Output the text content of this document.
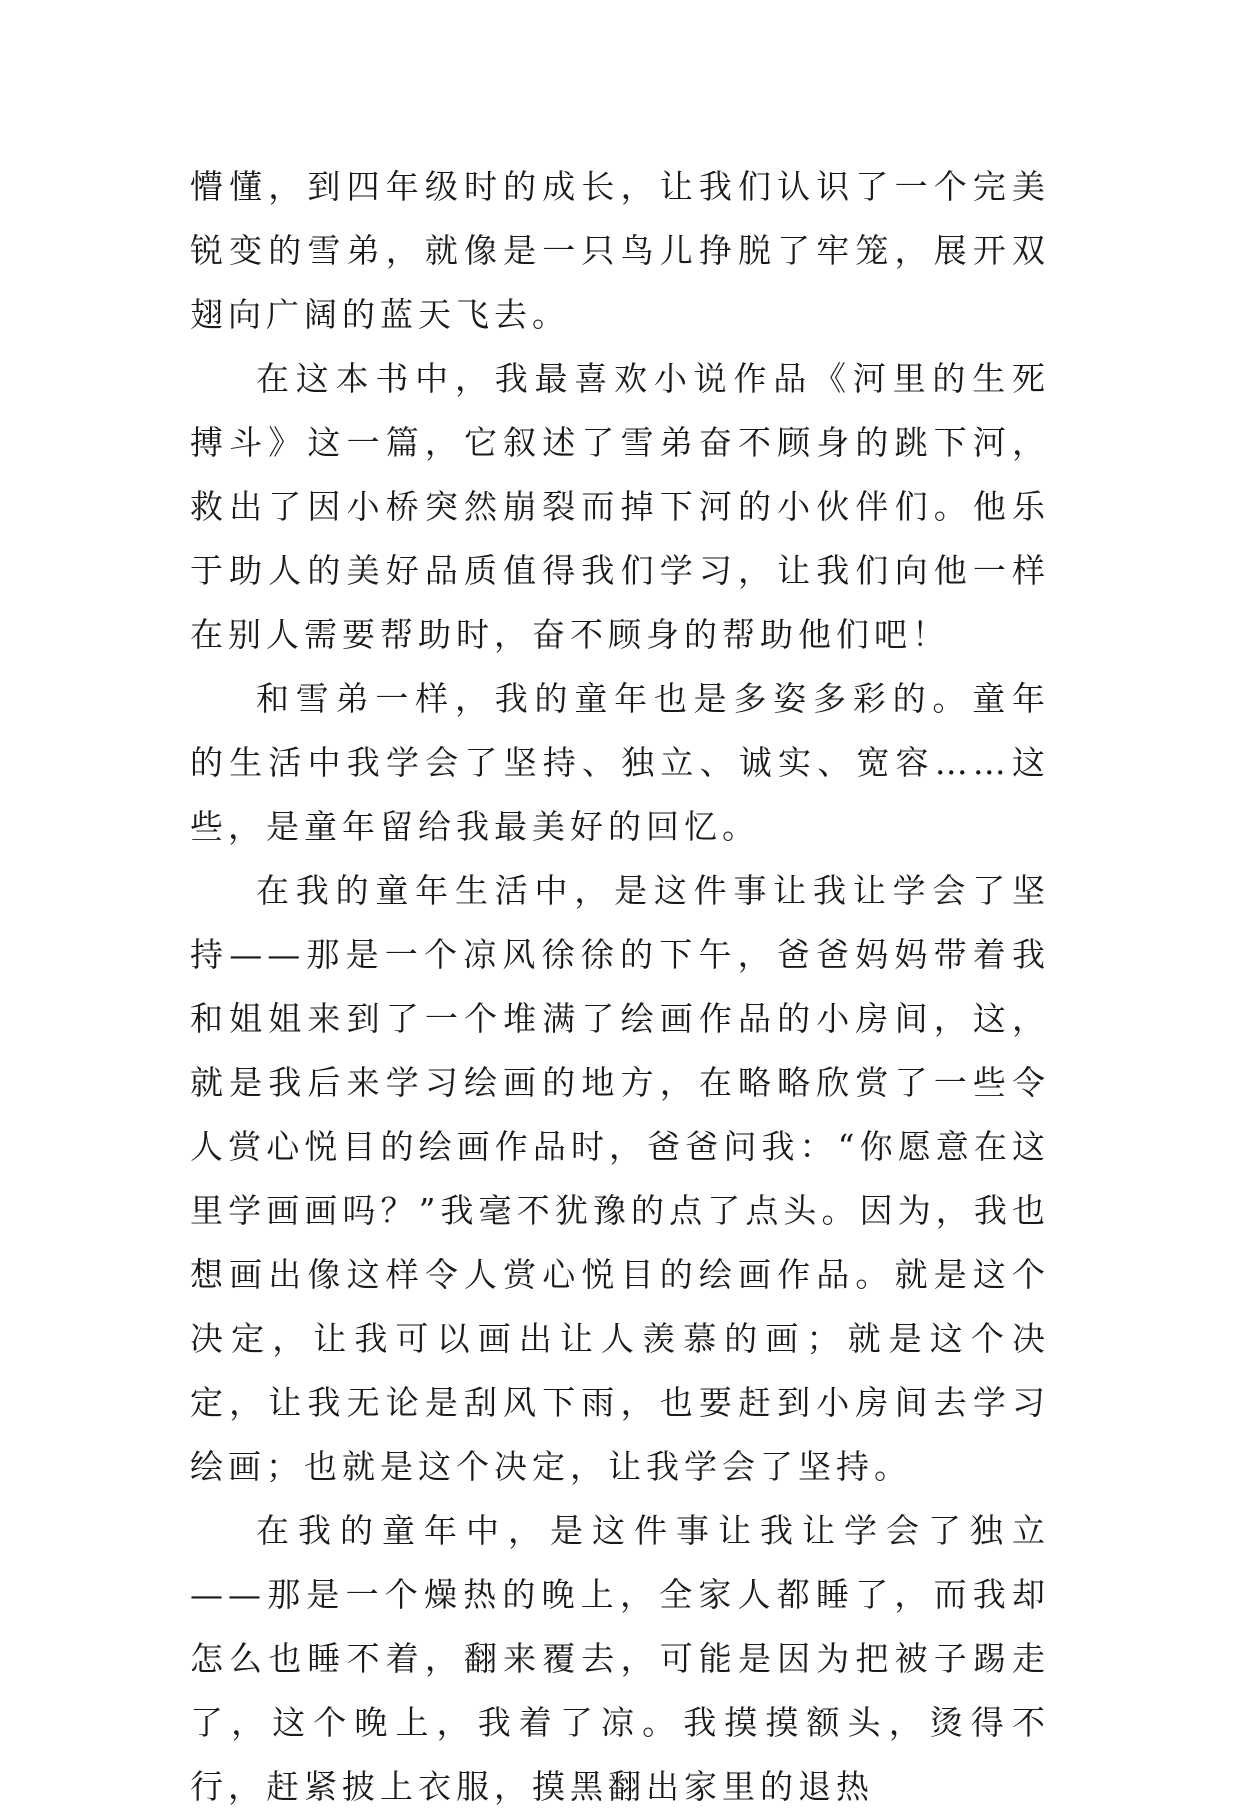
懵懂，到四年级时的成长，让我们认识了一个完美锐变的雪弟，就像是一只鸟儿挣脱了牢笼，展开双翅向广阔的蓝天飞去。

在这本书中，我最喜欢小说作品《河里的生死搏斗》这一篇，它叙述了雪弟奋不顾身的跳下河，救出了因小桥突然崩裂而掉下河的小伙伴们。他乐于助人的美好品质值得我们学习，让我们向他一样在别人需要帮助时，奋不顾身的帮助他们吧！

和雪弟一样，我的童年也是多姿多彩的。童年的生活中我学会了坚持、独立、诚实、宽容……这些，是童年留给我最美好的回忆。

在我的童年生活中，是这件事让我让学会了坚持——那是一个凉风徐徐的下午，爸爸妈妈带着我和姐姐来到了一个堆满了绘画作品的小房间，这，就是我后来学习绘画的地方，在略略欣赏了一些令人赏心悦目的绘画作品时，爸爸问我：“你愿意在这里学画画吗？”我毫不犹豫的点了点头。因为，我也想画出像这样令人赏心悦目的绘画作品。就是这个决定，让我可以画出让人羡慕的画；就是这个决定，让我无论是刮风下雨，也要赶到小房间去学习绘画；也就是这个决定，让我学会了坚持。

在我的童年中，是这件事让我让学会了独立——那是一个燥热的晚上，全家人都睡了，而我却怎么也睡不着，翻来覆去，可能是因为把被子踢走了，这个晚上，我着了凉。我摸摸额头，烫得不行，赶紧披上衣服，摸黑翻出家里的退热
